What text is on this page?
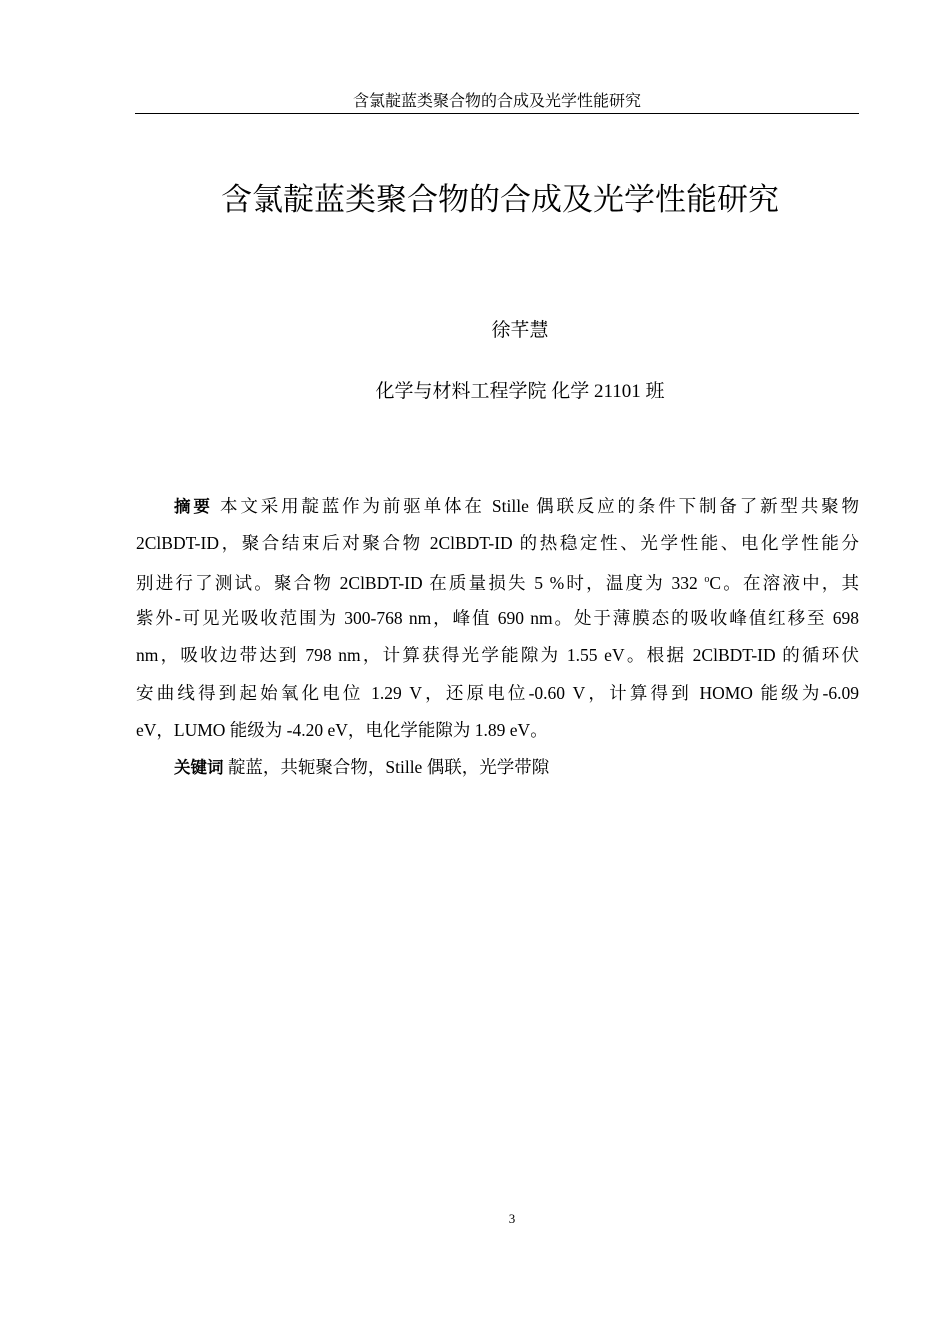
含氯靛蓝类聚合物的合成及光学性能研究
含氯靛蓝类聚合物的合成及光学性能研究
徐芊慧
化学与材料工程学院 化学 21101 班
摘要 本文采用靛蓝作为前驱单体在 Stille 偶联反应的条件下制备了新型共聚物
2ClBDT-ID，聚合结束后对聚合物 2ClBDT-ID 的热稳定性、光学性能、电化学性能分
别进行了测试。聚合物 2ClBDT-ID 在质量损失 5 %时，温度为 332 $^o$C。在溶液中，其
紫外-可见光吸收范围为 300-768 nm，峰值 690 nm。处于薄膜态的吸收峰值红移至 698
nm，吸收边带达到 798 nm，计算获得光学能隙为 1.55 eV。根据 2ClBDT-ID 的循环伏
安曲线得到起始氧化电位 1.29 V，还原电位-0.60 V，计算得到 HOMO 能级为-6.09
eV，LUMO 能级为 -4.20 eV，电化学能隙为 1.89 eV。
关键词 靛蓝，共轭聚合物，Stille 偶联，光学带隙
3
